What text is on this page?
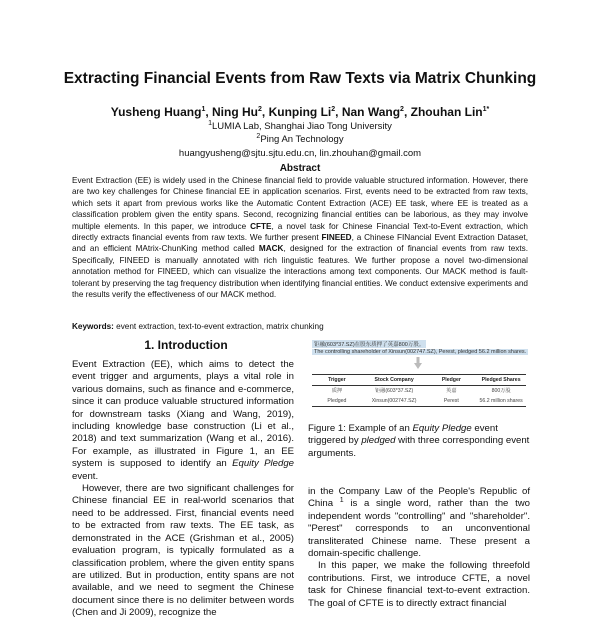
Extracting Financial Events from Raw Texts via Matrix Chunking
Yusheng Huang$^1$, Ning Hu$^2$, Kunping Li$^2$, Nan Wang$^2$, Zhouhan Lin$^{1*}$
$^1$LUMIA Lab, Shanghai Jiao Tong University
$^2$Ping An Technology
huangyusheng@sjtu.sjtu.edu.cn, lin.zhouhan@gmail.com
Abstract
Event Extraction (EE) is widely used in the Chinese financial field to provide valuable structured information. However, there are two key challenges for Chinese financial EE in application scenarios. First, events need to be extracted from raw texts, which sets it apart from previous works like the Automatic Content Extraction (ACE) EE task, where EE is treated as a classification problem given the entity spans. Second, recognizing financial entities can be laborious, as they may involve multiple elements. In this paper, we introduce CFTE, a novel task for Chinese Financial Text-to-Event extraction, which directly extracts financial events from raw texts. We further present FINEED, a Chinese FINancial Event Extraction Dataset, and an efficient MAtrix-ChunKing method called MACK, designed for the extraction of financial events from raw texts. Specifically, FINEED is manually annotated with rich linguistic features. We further propose a novel two-dimensional annotation method for FINEED, which can visualize the interactions among text components. Our MACK method is fault-tolerant by preserving the tag frequency distribution when identifying financial entities. We conduct extensive experiments and the results verify the effectiveness of our MACK method.
Keywords: event extraction, text-to-event extraction, matrix chunking
1. Introduction

Event Extraction (EE), which aims to detect the event trigger and arguments, plays a vital role in various domains, such as finance and e-commerce, since it can produce valuable structured information for downstream tasks (Xiang and Wang, 2019), including knowledge base construction (Li et al., 2018) and text summarization (Wang et al., 2016). For example, as illustrated in Figure 1, an EE system is supposed to identify an Equity Pledge event.

However, there are two significant challenges for Chinese financial EE in real-world scenarios that need to be addressed. First, financial events need to be extracted from raw texts. The EE task, as demonstrated in the ACE (Grishman et al., 2005) evaluation program, is typically formulated as a classification problem, where the given entity spans are utilized. But in production, entity spans are not available, and we need to segment the Chinese document since there is no delimiter between words (Chen and Ji 2009), recognize the

钜融(603*37.SZ)在股东质押了英嘉800万股。
The controlling shareholder of Xinsun(002747.SZ), Perest, pledged 56.2 million shares.
Trigger	Stock Company	Pledger	Pledged Shares
质押	钜融(603*37.SZ)	英嘉	800万股
Pledged	Xinsun(002747.SZ)	Perest	56.2 million shares
Figure 1: Example of an Equity Pledge event triggered by pledged with three corresponding event arguments.

in the Company Law of the People's Republic of China $^1$ is a single word, rather than the two independent words "controlling" and "shareholder". "Perest" corresponds to an unconventional transliterated Chinese name. These present a domain-specific challenge.

In this paper, we make the following threefold contributions. First, we introduce CFTE, a novel task for Chinese financial text-to-event extraction. The goal of CFTE is to directly extract financial
